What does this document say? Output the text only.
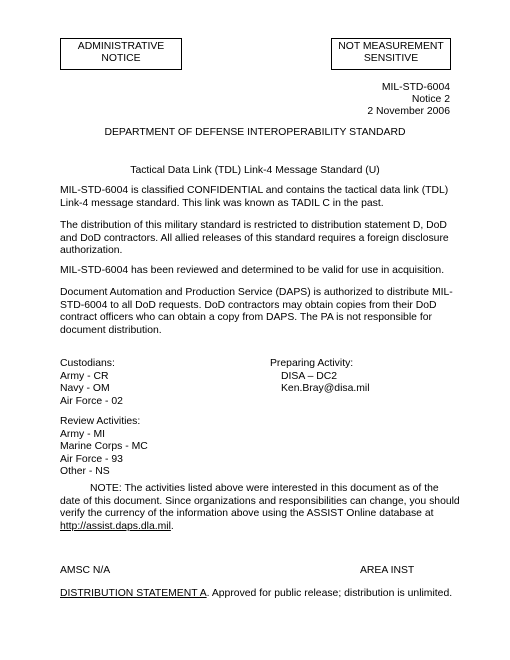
ADMINISTRATIVE
NOTICE
NOT MEASUREMENT
SENSITIVE
MIL-STD-6004
Notice 2
2 November 2006
DEPARTMENT OF DEFENSE INTEROPERABILITY STANDARD
Tactical Data Link (TDL) Link-4 Message Standard (U)
MIL-STD-6004 is classified CONFIDENTIAL and contains the tactical data link (TDL)
Link-4 message standard. This link was known as TADIL C in the past.
The distribution of this military standard is restricted to distribution statement D, DoD
and DoD contractors. All allied releases of this standard requires a foreign disclosure
authorization.
MIL-STD-6004 has been reviewed and determined to be valid for use in acquisition.
Document Automation and Production Service (DAPS) is authorized to distribute MIL-
STD-6004 to all DoD requests. DoD contractors may obtain copies from their DoD
contract officers who can obtain a copy from DAPS. The PA is not responsible for
document distribution.
Custodians:
Army - CR
Navy - OM
Air Force - 02
Preparing Activity:
DISA – DC2
Ken.Bray@disa.mil
Review Activities:
Army - MI
Marine Corps - MC
Air Force - 93
Other - NS
NOTE: The activities listed above were interested in this document as of the
date of this document. Since organizations and responsibilities can change, you should
verify the currency of the information above using the ASSIST Online database at
http://assist.daps.dla.mil.
AMSC N/A	AREA INST
DISTRIBUTION STATEMENT A. Approved for public release; distribution is unlimited.
